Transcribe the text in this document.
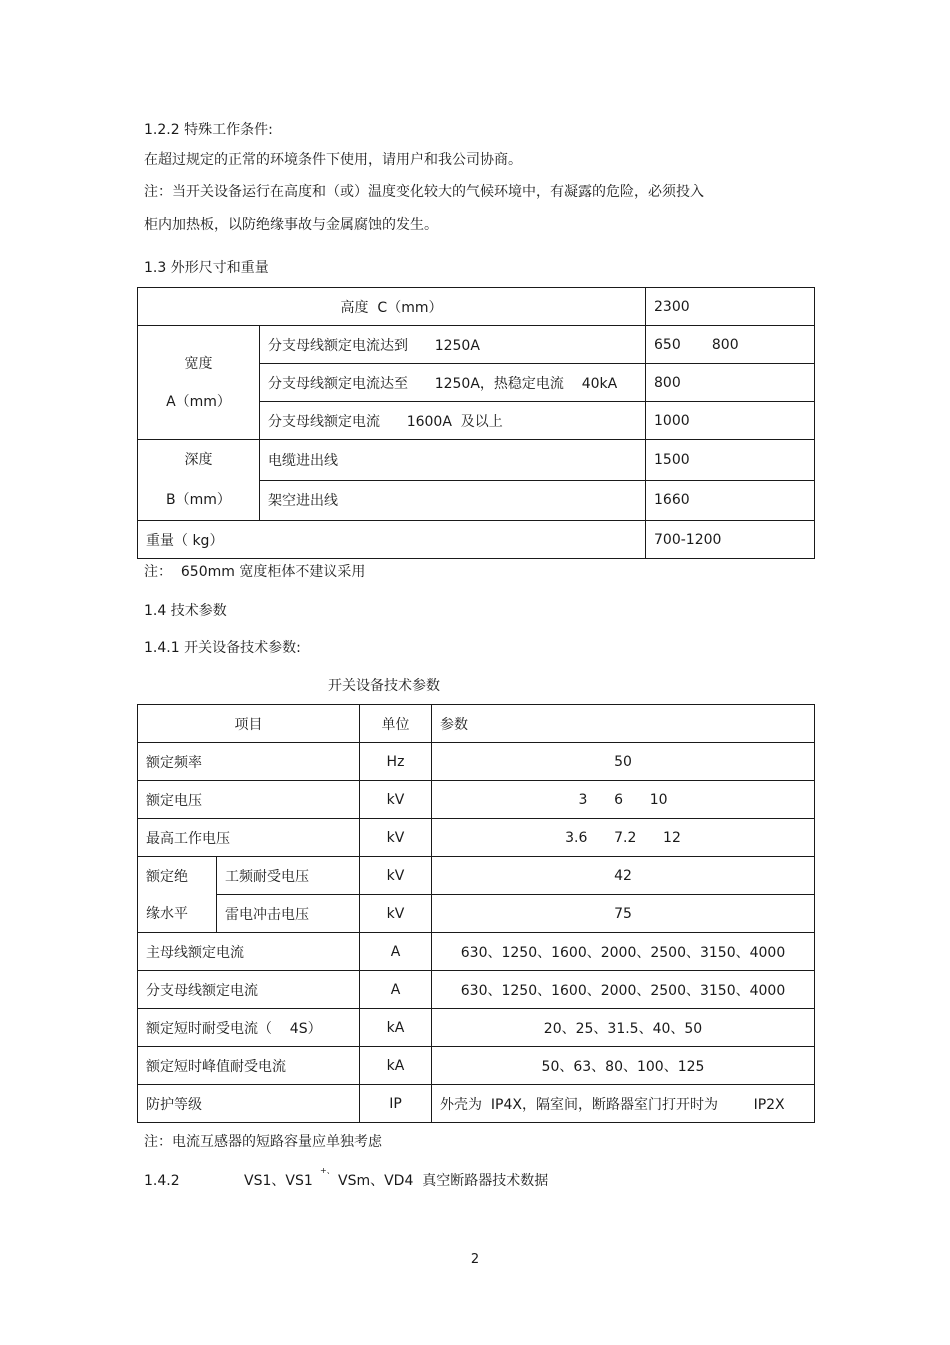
1.2.2 特殊工作条件:
在超过规定的正常的环境条件下使用，请用户和我公司协商。
注：当开关设备运行在高度和（或）温度变化较大的气候环境中，有凝露的危险，必须投入
柜内加热板，以防绝缘事故与金属腐蚀的发生。
1.3 外形尺寸和重量
高度  C（mm）		2300
宽度
A（mm）	分支母线额定电流达到      1250A	650       800
	分支母线额定电流达至      1250A，热稳定电流    40kA	800
	分支母线额定电流      1600A  及以上	1000
深度
B（mm）	电缆进出线	1500
	架空进出线	1660
重量（ kg）		700-1200
注：  650mm 宽度柜体不建议采用
1.4 技术参数
1.4.1 开关设备技术参数:
开关设备技术参数
项目		单位	参数
额定频率		Hz	50
额定电压		kV	3      6      10
最高工作电压		kV	3.6      7.2      12
额定绝	工频耐受电压	kV	42
缘水平	雷电冲击电压	kV	75
主母线额定电流		A	630、1250、1600、2000、2500、3150、4000
分支母线额定电流		A	630、1250、1600、2000、2500、3150、4000
额定短时耐受电流（    4S）		kA	20、25、31.5、40、50
额定短时峰值耐受电流		kA	50、63、80、100、125
防护等级		IP	外壳为  IP4X，隔室间，断路器室门打开时为        IP2X
注：电流互感器的短路容量应单独考虑
1.4.2	VS1、VS1
+、
VSm、VD4  真空断路器技术数据
2
